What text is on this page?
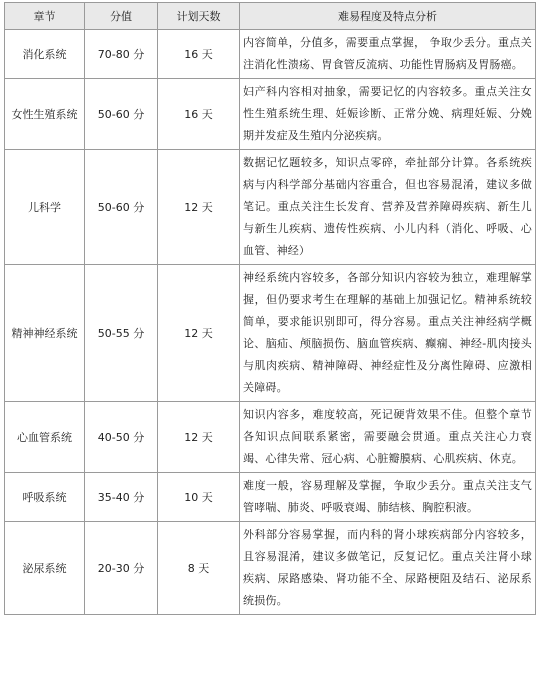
章节	分值	计划天数	难易程度及特点分析
消化系统	70-80 分	16 天	内容简单，分值多，需要重点掌握， 争取少丢分。重点关注消化性溃疡、胃食管反流病、功能性胃肠病及胃肠癌。
女性生殖系统	50-60 分	16 天	妇产科内容相对抽象，需要记忆的内容较多。重点关注女性生殖系统生理、妊娠诊断、正常分娩、病理妊娠、分娩期并发症及生殖内分泌疾病。
儿科学	50-60 分	12 天	数据记忆题较多，知识点零碎，牵扯部分计算。各系统疾病与内科学部分基础内容重合，但也容易混淆，建议多做笔记。重点关注生长发育、营养及营养障碍疾病、新生儿与新生儿疾病、遗传性疾病、小儿内科（消化、呼吸、心血管、神经）
精神神经系统	50-55 分	12 天	神经系统内容较多，各部分知识内容较为独立，难理解掌握，但仍要求考生在理解的基础上加强记忆。精神系统较简单，要求能识别即可，得分容易。重点关注神经病学概论、脑疝、颅脑损伤、脑血管疾病、癫痫、神经-肌肉接头与肌肉疾病、精神障碍、神经症性及分离性障碍、应激相关障碍。
心血管系统	40-50 分	12 天	知识内容多，难度较高，死记硬背效果不佳。但整个章节各知识点间联系紧密，需要融会贯通。重点关注心力衰竭、心律失常、冠心病、心脏瓣膜病、心肌疾病、休克。
呼吸系统	35-40 分	10 天	难度一般，容易理解及掌握，争取少丢分。重点关注支气管哮喘、肺炎、呼吸衰竭、肺结核、胸腔积液。
泌尿系统	20-30 分	8 天	外科部分容易掌握，而内科的肾小球疾病部分内容较多，且容易混淆，建议多做笔记，反复记忆。重点关注肾小球疾病、尿路感染、肾功能不全、尿路梗阻及结石、泌尿系统损伤。
